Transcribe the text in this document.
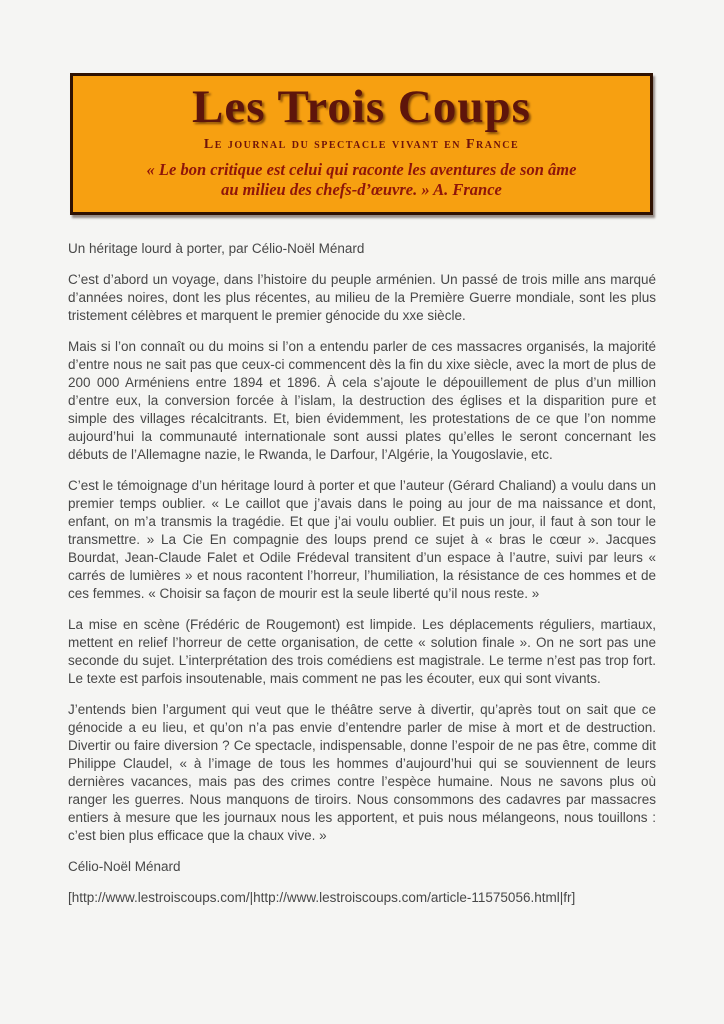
Les Trois Coups
Le journal du spectacle vivant en France
« Le bon critique est celui qui raconte les aventures de son âme
au milieu des chefs-d’œuvre. » A. France

Un héritage lourd à porter, par Célio-Noël Ménard

C’est d’abord un voyage, dans l’histoire du peuple arménien. Un passé de trois mille ans marqué d’années noires, dont les plus récentes, au milieu de la Première Guerre mondiale, sont les plus tristement célèbres et marquent le premier génocide du xxe siècle.

Mais si l’on connaît ou du moins si l’on a entendu parler de ces massacres organisés, la majorité d’entre nous ne sait pas que ceux-ci commencent dès la fin du xixe siècle, avec la mort de plus de 200 000 Arméniens entre 1894 et 1896. À cela s’ajoute le dépouillement de plus d’un million d’entre eux, la conversion forcée à l’islam, la destruction des églises et la disparition pure et simple des villages récalcitrants. Et, bien évidemment, les protestations de ce que l’on nomme aujourd’hui la communauté internationale sont aussi plates qu’elles le seront concernant les débuts de l’Allemagne nazie, le Rwanda, le Darfour, l’Algérie, la Yougoslavie, etc.

C’est le témoignage d’un héritage lourd à porter et que l’auteur (Gérard Chaliand) a voulu dans un premier temps oublier. « Le caillot que j’avais dans le poing au jour de ma naissance et dont, enfant, on m’a transmis la tragédie. Et que j’ai voulu oublier. Et puis un jour, il faut à son tour le transmettre. » La Cie En compagnie des loups prend ce sujet à « bras le cœur ». Jacques Bourdat, Jean-Claude Falet et Odile Frédeval transitent d’un espace à l’autre, suivi par leurs « carrés de lumières » et nous racontent l’horreur, l’humiliation, la résistance de ces hommes et de ces femmes. « Choisir sa façon de mourir est la seule liberté qu’il nous reste. »

La mise en scène (Frédéric de Rougemont) est limpide. Les déplacements réguliers, martiaux, mettent en relief l’horreur de cette organisation, de cette « solution finale ». On ne sort pas une seconde du sujet. L’interprétation des trois comédiens est magistrale. Le terme n’est pas trop fort. Le texte est parfois insoutenable, mais comment ne pas les écouter, eux qui sont vivants.

J’entends bien l’argument qui veut que le théâtre serve à divertir, qu’après tout on sait que ce génocide a eu lieu, et qu’on n’a pas envie d’entendre parler de mise à mort et de destruction. Divertir ou faire diversion ? Ce spectacle, indispensable, donne l’espoir de ne pas être, comme dit Philippe Claudel, « à l’image de tous les hommes d’aujourd’hui qui se souviennent de leurs dernières vacances, mais pas des crimes contre l’espèce humaine. Nous ne savons plus où ranger les guerres. Nous manquons de tiroirs. Nous consommons des cadavres par massacres entiers à mesure que les journaux nous les apportent, et puis nous mélangeons, nous touillons : c’est bien plus efficace que la chaux vive. »

Célio-Noël Ménard

[http://www.lestroiscoups.com/|http://www.lestroiscoups.com/article-11575056.html|fr]
